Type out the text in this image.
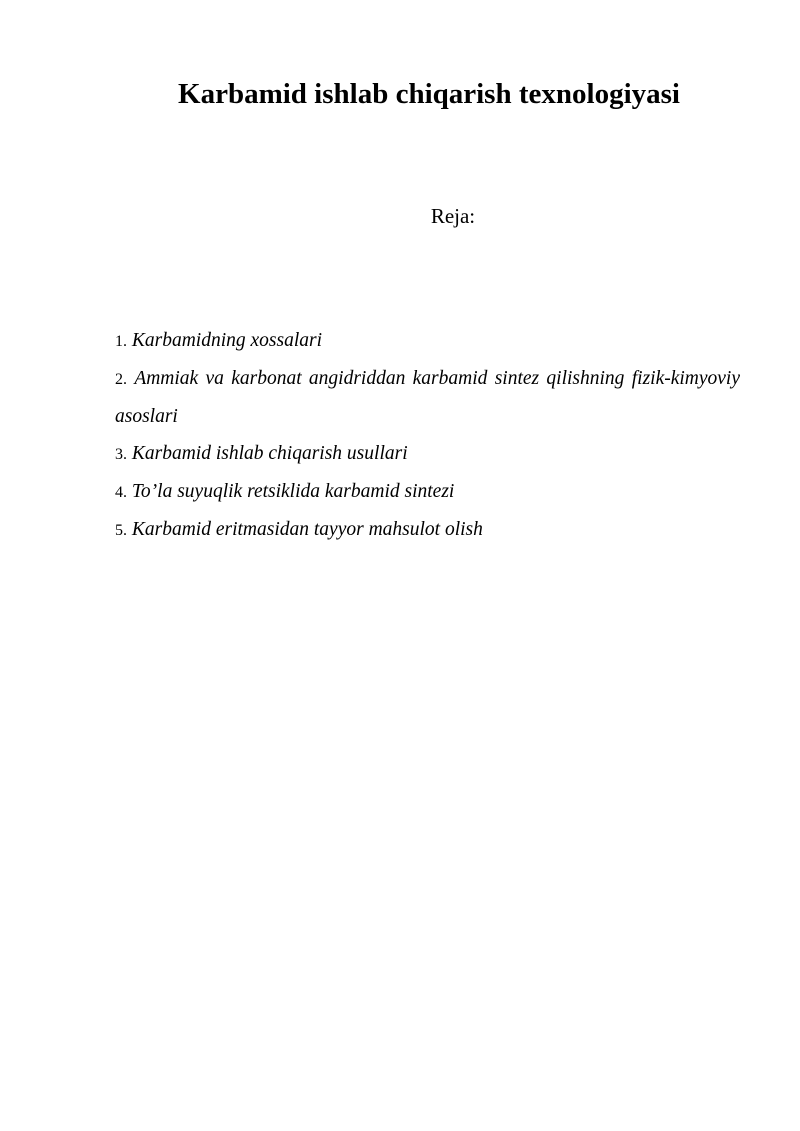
Karbamid ishlab chiqarish texnologiyasi

Reja:

1. Karbamidning xossalari
2. Ammiak va karbonat angidriddan karbamid sintez qilishning fizik-kimyoviy asoslari
3. Karbamid ishlab chiqarish usullari
4. To’la suyuqlik retsiklida karbamid sintezi
5. Karbamid eritmasidan tayyor mahsulot olish
